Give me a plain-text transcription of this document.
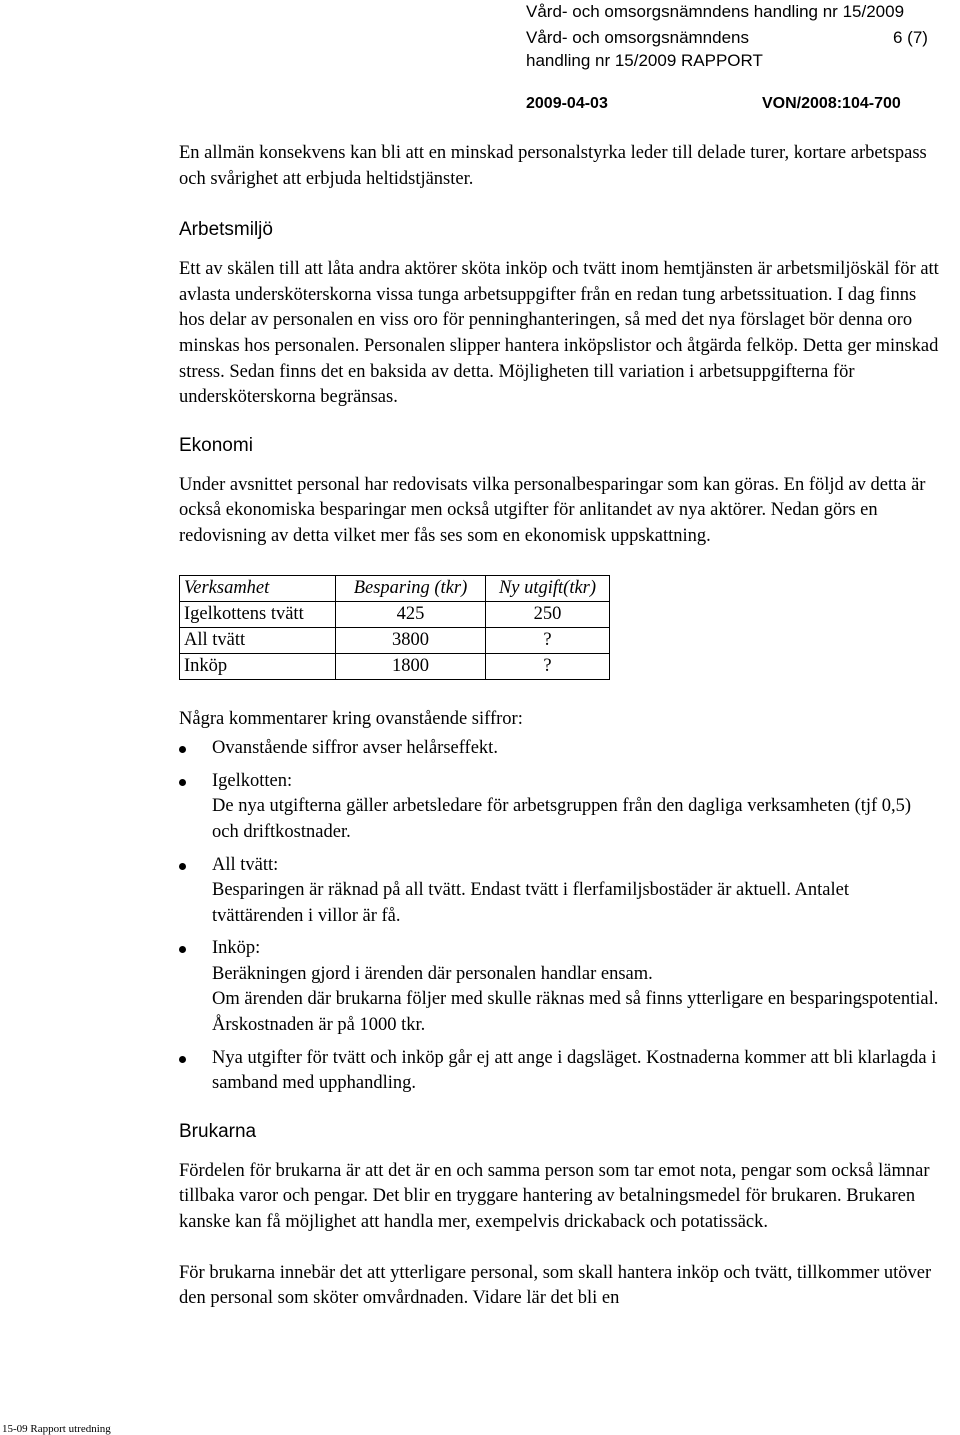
Vård- och omsorgsnämndens handling nr 15/2009
Vård- och omsorgsnämndens	6 (7)
handling nr 15/2009 RAPPORT
2009-04-03	VON/2008:104-700

En allmän konsekvens kan bli att en minskad personalstyrka leder till delade turer, kortare arbetspass och svårighet att erbjuda heltidstjänster.

Arbetsmiljö

Ett av skälen till att låta andra aktörer sköta inköp och tvätt inom hemtjänsten är arbetsmiljöskäl för att avlasta undersköterskorna vissa tunga arbetsuppgifter från en redan tung arbetssituation. I dag finns hos delar av personalen en viss oro för penninghanteringen, så med det nya förslaget bör denna oro minskas hos personalen. Personalen slipper hantera inköpslistor och åtgärda felköp. Detta ger minskad stress. Sedan finns det en baksida av detta. Möjligheten till variation i arbetsuppgifterna för undersköterskorna begränsas.

Ekonomi

Under avsnittet personal har redovisats vilka personalbesparingar som kan göras. En följd av detta är också ekonomiska besparingar men också utgifter för anlitandet av nya aktörer. Nedan görs en redovisning av detta vilket mer fås ses som en ekonomisk uppskattning.

Verksamhet	Besparing (tkr)	Ny utgift(tkr)
Igelkottens tvätt	425	250
All tvätt	3800	?
Inköp	1800	?

Några kommentarer kring ovanstående siffror:

Ovanstående siffror avser helårseffekt.
Igelkotten:
De nya utgifterna gäller arbetsledare för arbetsgruppen från den dagliga verksamheten (tjf 0,5) och driftkostnader.
All tvätt:
Besparingen är räknad på all tvätt. Endast tvätt i flerfamiljsbostäder är aktuell. Antalet tvättärenden i villor är få.
Inköp:
Beräkningen gjord i ärenden där personalen handlar ensam.
Om ärenden där brukarna följer med skulle räknas med så finns ytterligare en besparingspotential. Årskostnaden är på 1000 tkr.
Nya utgifter för tvätt och inköp går ej att ange i dagsläget. Kostnaderna kommer att bli klarlagda i samband med upphandling.

Brukarna

Fördelen för brukarna är att det är en och samma person som tar emot nota, pengar som också lämnar tillbaka varor och pengar. Det blir en tryggare hantering av betalningsmedel för brukaren. Brukaren kanske kan få möjlighet att handla mer, exempelvis drickaback och potatissäck.

För brukarna innebär det att ytterligare personal, som skall hantera inköp och tvätt, tillkommer utöver den personal som sköter omvårdnaden. Vidare lär det bli en

15-09 Rapport utredning
